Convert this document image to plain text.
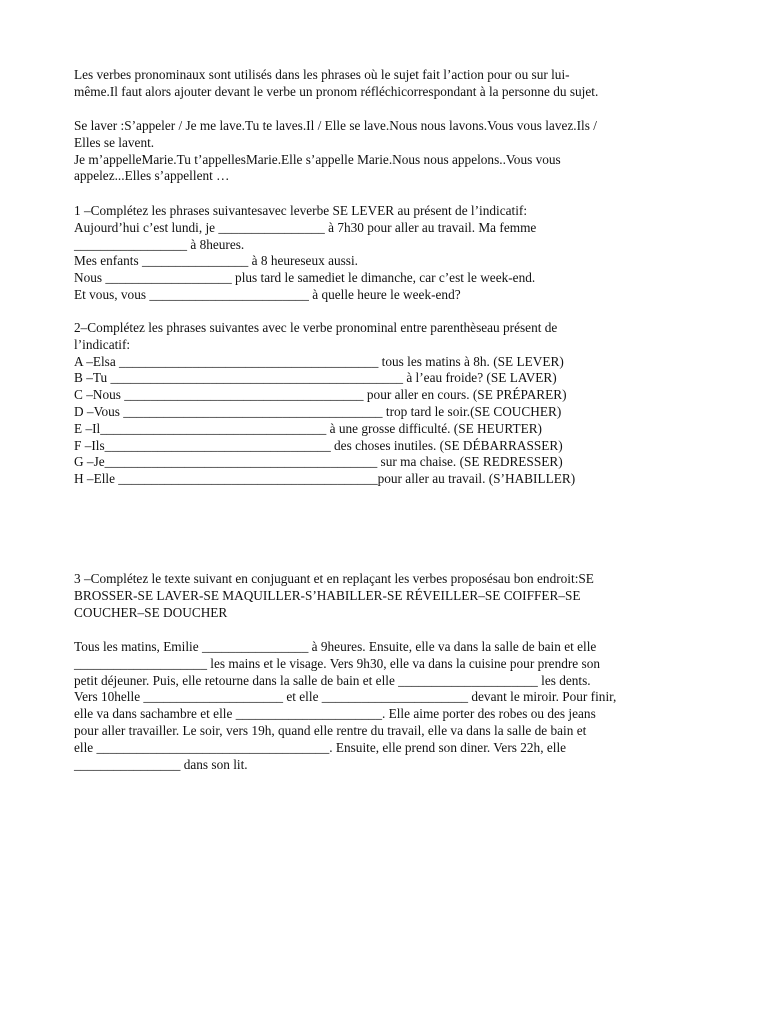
Les verbes pronominaux sont utilisés dans les phrases où le sujet fait l’action pour ou sur lui-
même.Il faut alors ajouter devant le verbe un pronom réfléchicorrespondant à la personne du sujet.
Se laver :S’appeler / Je me lave.Tu te laves.Il / Elle se lave.Nous nous lavons.Vous vous lavez.Ils /
Elles se lavent.
Je m’appelleMarie.Tu t’appellesMarie.Elle s’appelle Marie.Nous nous appelons..Vous vous
appelez...Elles s’appellent …
1 –Complétez les phrases suivantesavec leverbe SE LEVER au présent de l’indicatif:
Aujourd’hui c’est lundi, je ________________ à 7h30 pour aller au travail. Ma femme
_________________ à 8heures.
Mes enfants ________________ à 8 heureseux aussi.
Nous ___________________ plus tard le samediet le dimanche, car c’est le week-end.
Et vous, vous ________________________ à quelle heure le week-end?
2–Complétez les phrases suivantes avec le verbe pronominal entre parenthèseau présent de
l’indicatif:
A –Elsa _______________________________________ tous les matins à 8h. (SE LEVER)
B –Tu ____________________________________________ à l’eau froide? (SE LAVER)
C –Nous ____________________________________ pour aller en cours. (SE PRÉPARER)
D –Vous _______________________________________ trop tard le soir.(SE COUCHER)
E –Il__________________________________ à une grosse difficulté. (SE HEURTER)
F –Ils__________________________________ des choses inutiles. (SE DÉBARRASSER)
G –Je_________________________________________ sur ma chaise. (SE REDRESSER)
H –Elle _______________________________________pour aller au travail. (S’HABILLER)
3 –Complétez le texte suivant en conjuguant et en replaçant les verbes proposésau bon endroit:SE
BROSSER-SE LAVER-SE MAQUILLER-S’HABILLER-SE RÉVEILLER–SE COIFFER–SE
COUCHER–SE DOUCHER
Tous les matins, Emilie ________________ à 9heures. Ensuite, elle va dans la salle de bain et elle
____________________ les mains et le visage. Vers 9h30, elle va dans la cuisine pour prendre son
petit déjeuner. Puis, elle retourne dans la salle de bain et elle _____________________ les dents.
Vers 10helle _____________________ et elle ______________________ devant le miroir. Pour finir,
elle va dans sachambre et elle ______________________. Elle aime porter des robes ou des jeans
pour aller travailler. Le soir, vers 19h, quand elle rentre du travail, elle va dans la salle de bain et
elle ___________________________________. Ensuite, elle prend son diner. Vers 22h, elle
________________ dans son lit.
